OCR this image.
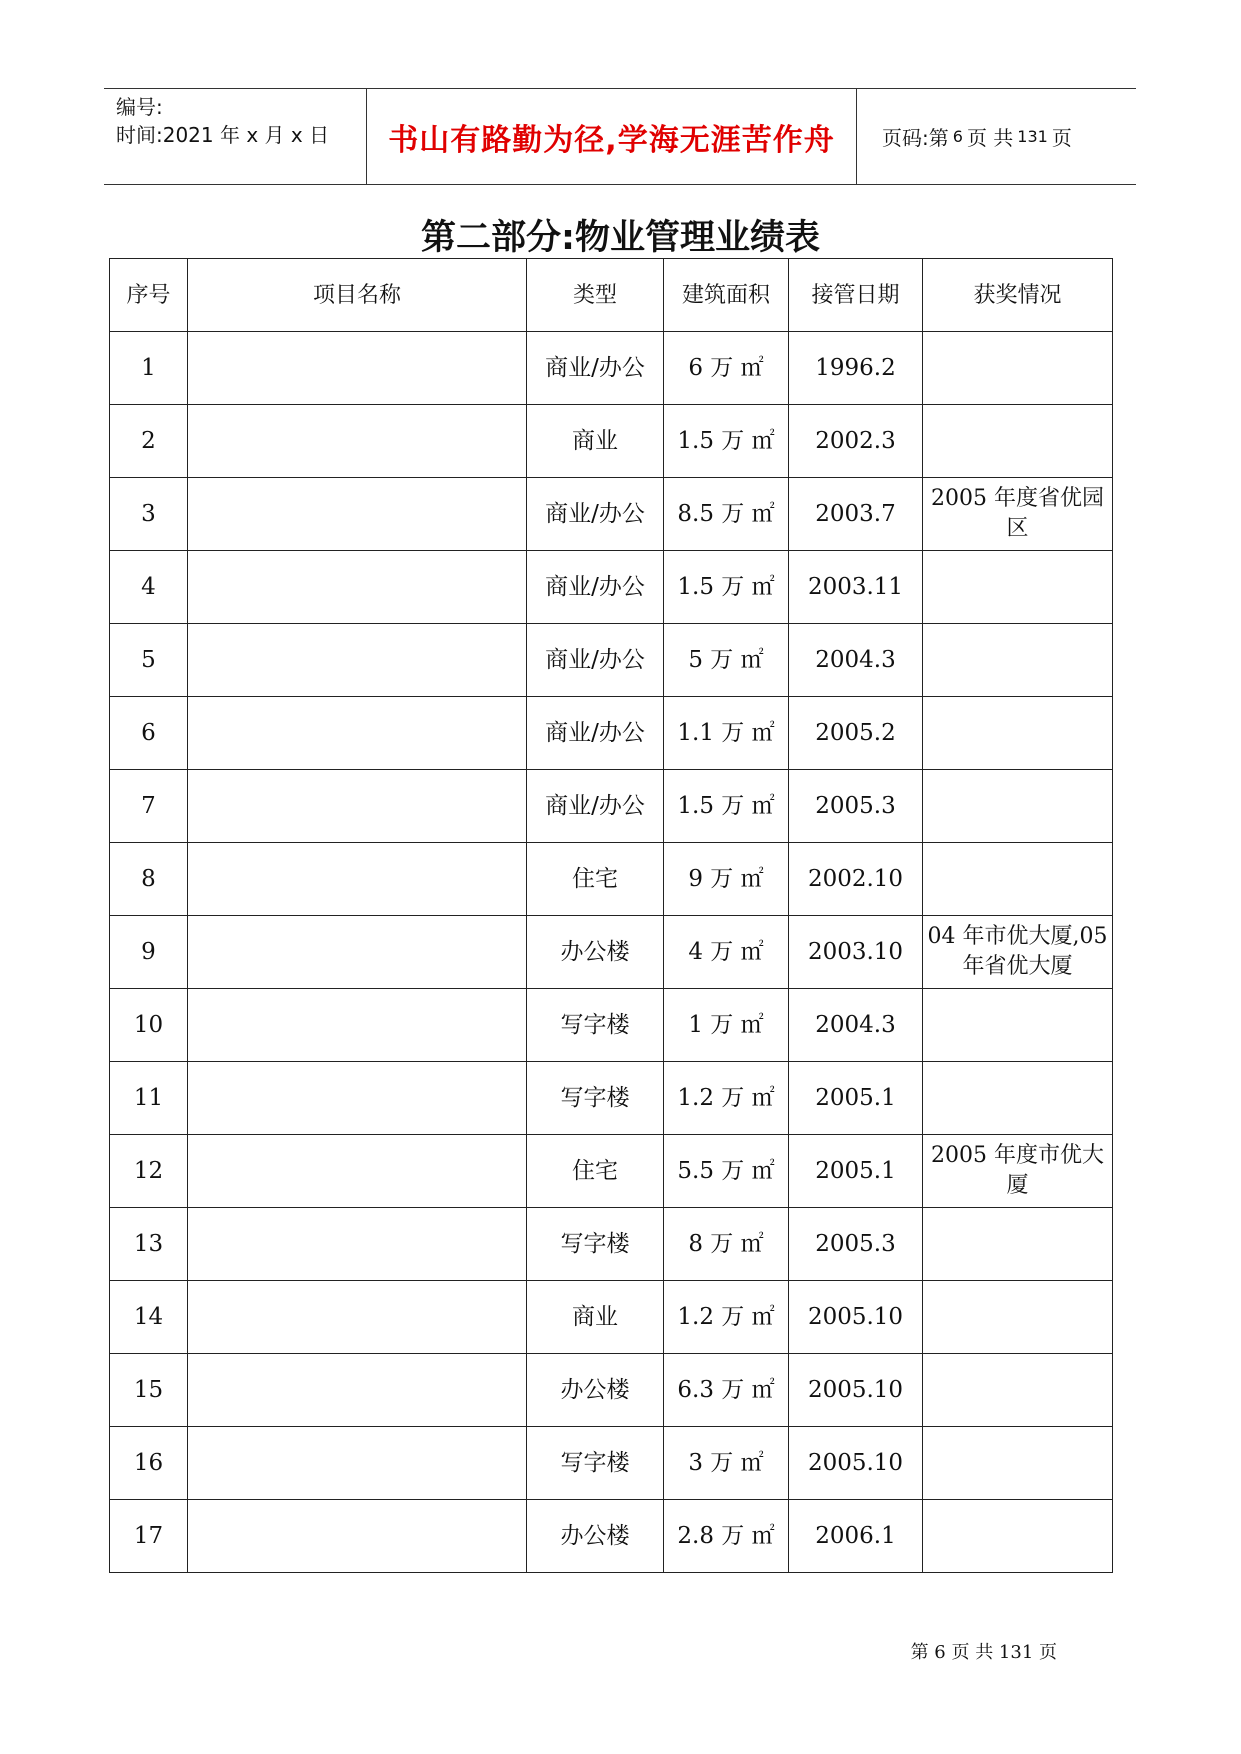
编号:
时间:2021 年 x 月 x 日 书山有路勤为径,学海无涯苦作舟 页码:第 6 页 共 131 页
第二部分:物业管理业绩表
序号	项目名称	类型	建筑面积	接管日期	获奖情况
1		商业/办公	6 万 ㎡	1996.2	
2		商业	1.5 万 ㎡	2002.3	
3		商业/办公	8.5 万 ㎡	2003.7	2005 年度省优园区
4		商业/办公	1.5 万 ㎡	2003.11	
5		商业/办公	5 万 ㎡	2004.3	
6		商业/办公	1.1 万 ㎡	2005.2	
7		商业/办公	1.5 万 ㎡	2005.3	
8		住宅	9 万 ㎡	2002.10	
9		办公楼	4 万 ㎡	2003.10	04 年市优大厦,05 年省优大厦
10		写字楼	1 万 ㎡	2004.3	
11		写字楼	1.2 万 ㎡	2005.1	
12		住宅	5.5 万 ㎡	2005.1	2005 年度市优大厦
13		写字楼	8 万 ㎡	2005.3	
14		商业	1.2 万 ㎡	2005.10	
15		办公楼	6.3 万 ㎡	2005.10	
16		写字楼	3 万 ㎡	2005.10	
17		办公楼	2.8 万 ㎡	2006.1	
第 6 页 共 131 页
